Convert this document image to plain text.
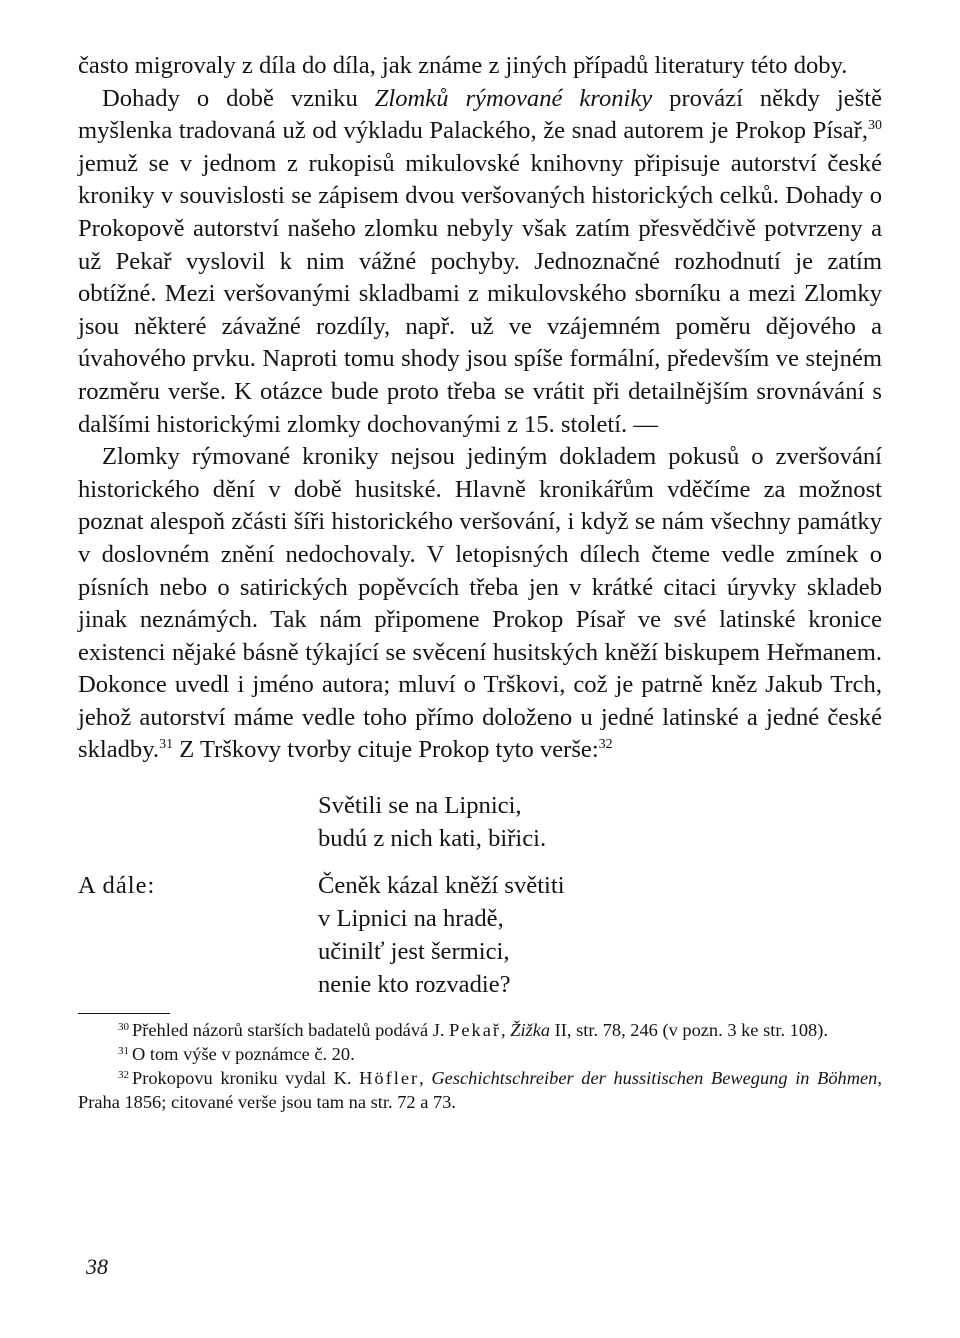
často migrovaly z díla do díla, jak známe z jiných případů literatury této doby.

Dohady o době vzniku Zlomků rýmované kroniky provází někdy ještě myšlenka tradovaná už od výkladu Palackého, že snad autorem je Prokop Písař,$^{30}$ jemuž se v jednom z rukopisů mikulovské knihovny připisuje autorství české kroniky v souvislosti se zápisem dvou veršovaných historických celků. Dohady o Prokopově autorství našeho zlomku nebyly však zatím přesvědčivě potvrzeny a už Pekař vyslovil k nim vážné pochyby. Jednoznačné rozhodnutí je zatím obtížné. Mezi veršovanými skladbami z mikulovského sborníku a mezi Zlomky jsou některé závažné rozdíly, např. už ve vzájemném poměru dějového a úvahového prvku. Naproti tomu shody jsou spíše formální, především ve stejném rozměru verše. K otázce bude proto třeba se vrátit při detailnějším srovnávání s dalšími historickými zlomky dochovanými z 15. století. —

Zlomky rýmované kroniky nejsou jediným dokladem pokusů o zveršování historického dění v době husitské. Hlavně kronikářům vděčíme za možnost poznat alespoň zčásti šíři historického veršování, i když se nám všechny památky v doslovném znění nedochovaly. V letopisných dílech čteme vedle zmínek o písních nebo o satirických popěvcích třeba jen v krátké citaci úryvky skladeb jinak neznámých. Tak nám připomene Prokop Písař ve své latinské kronice existenci nějaké básně týkající se svěcení husitských kněží biskupem Heřmanem. Dokonce uvedl i jméno autora; mluví o Trškovi, což je patrně kněz Jakub Trch, jehož autorství máme vedle toho přímo doloženo u jedné latinské a jedné české skladby.$^{31}$ Z Trškovy tvorby cituje Prokop tyto verše:$^{32}$

Světili se na Lipnici,
budú z nich kati, biřici.
A dále:	Čeněk kázal kněží světiti
v Lipnici na hradě,
učinilť jest šermici,
nenie kto rozvadie?

$^{30}$ Přehled názorů starších badatelů podává J. Pekař, Žižka II, str. 78, 246 (v pozn. 3 ke str. 108).

$^{31}$ O tom výše v poznámce č. 20.

$^{32}$ Prokopovu kroniku vydal K. Höfler, Geschichtschreiber der hussitischen Bewegung in Böhmen, Praha 1856; citované verše jsou tam na str. 72 a 73.

38
